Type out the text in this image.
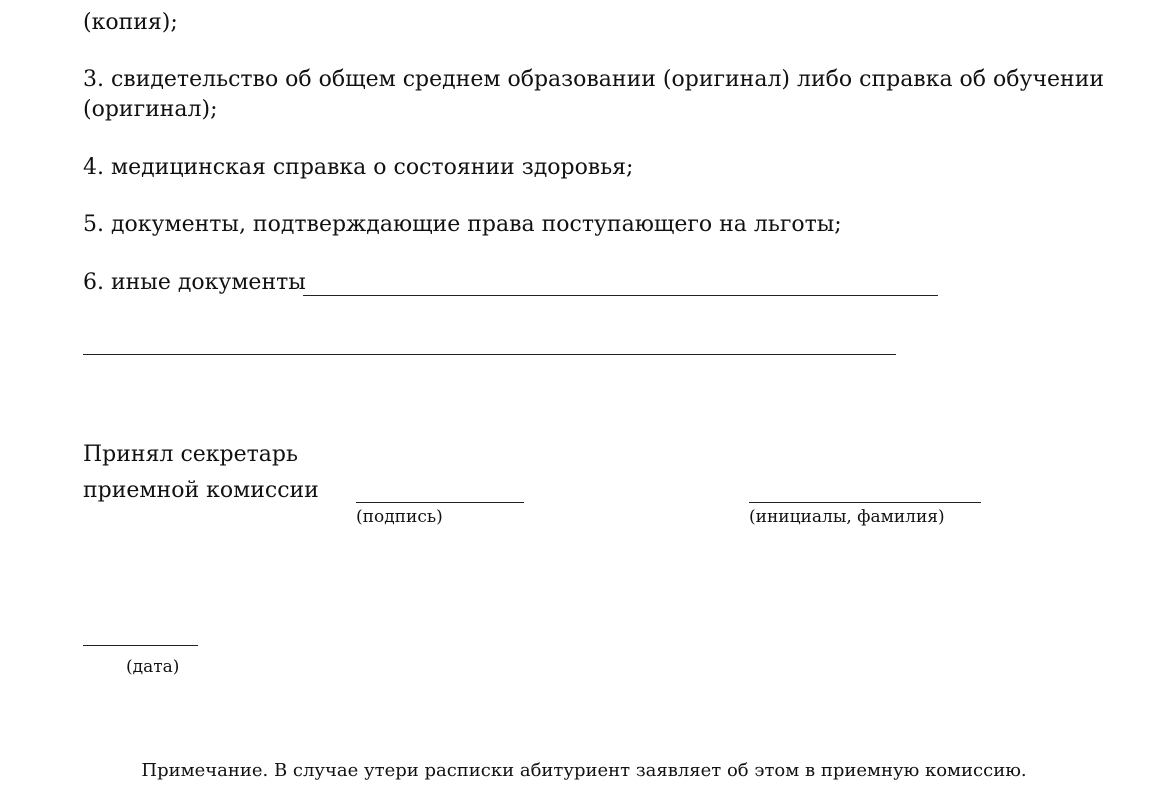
(копия);
3. свидетельство об общем среднем образовании (оригинал) либо справка об обучении
(оригинал);
4. медицинская справка о состоянии здоровья;
5. документы, подтверждающие права поступающего на льготы;
6. иные документы
Принял секретарь
приемной комиссии
(подпись)	(инициалы, фамилия)
(дата)
Примечание. В случае утери расписки абитуриент заявляет об этом в приемную комиссию.
